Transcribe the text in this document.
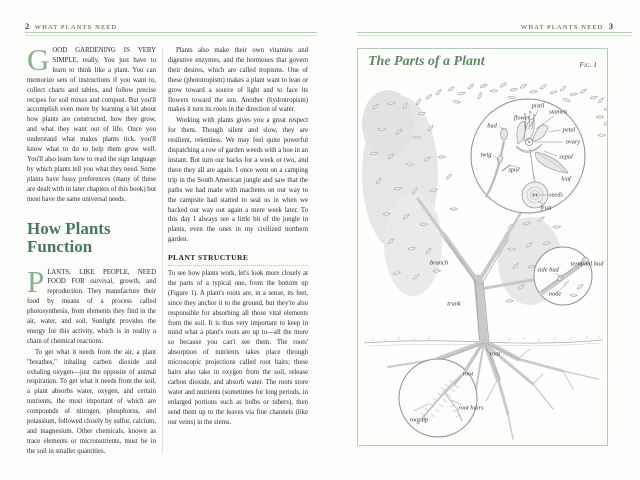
2 WHAT PLANTS NEED	WHAT PLANTS NEED 3

GOOD GARDENING IS VERY SIMPLE, really. You just have to learn to think like a plant. You can memorize sets of instructions if you want to, collect charts and tables, and follow precise recipes for soil mixes and compost. But you'll accomplish even more by learning a bit about how plants are constructed, how they grow, and what they want out of life. Once you understand what makes plants tick, you'll know what to do to help them grow well. You'll also learn how to read the sign language by which plants tell you what they need. Some plants have fussy preferences (many of these are dealt with in later chapters of this book) but most have the same universal needs.

How Plants Function

PLANTS, LIKE PEOPLE, NEED FOOD FOR survival, growth, and reproduction. They manufacture their food by means of a process called photosynthesis, from elements they find in the air, water, and soil. Sunlight provides the energy for this activity, which is in reality a chain of chemical reactions.

To get what it needs from the air, a plant "breathes," inhaling carbon dioxide and exhaling oxygen—just the opposite of animal respiration. To get what it needs from the soil, a plant absorbs water, oxygen, and certain nutrients, the most important of which are compounds of nitrogen, phosphorus, and potassium, followed closely by sulfur, calcium, and magnesium. Other chemicals, known as trace elements or micronutrients, must be in the soil in smaller quantities.

Plants also make their own vitamins and digestive enzymes, and the hormones that govern their desires, which are called tropisms. One of these (phototropism) makes a plant want to lean or grow toward a source of light and to face its flowers toward the sun. Another (hydrotropism) makes it turn its roots in the direction of water.

Working with plants gives you a great respect for them. Though silent and slow, they are resilient, relentless. We may feel quite powerful dispatching a row of garden weeds with a hoe in an instant. But turn our backs for a week or two, and there they all are again. I once went on a camping trip in the South American jungle and saw that the paths we had made with machetes on our way to the campsite had started to seal us in when we hacked our way out again a mere week later. To this day I always see a little bit of the jungle in plants, even the ones in my civilized northern garden.

PLANT STRUCTURE

To see how plants work, let's look more closely at the parts of a typical one, from the bottom up (Figure 1). A plant's roots are, in a sense, its feet, since they anchor it to the ground, but they're also responsible for absorbing all those vital elements from the soil. It is thus very important to keep in mind what a plant's roots are up to—all the more so because you can't see them. The roots' absorption of nutrients takes place through microscopic projections called root hairs; these hairs also take in oxygen from the soil, release carbon dioxide, and absorb water. The roots store water and nutrients (sometimes for long periods, in enlarged portions such as bulbs or tubers), then send them up to the leaves via fine channels (like our veins) in the stems.

The Parts of a Plant	Fig. 1
pistil
stamen
flower
bud
petal
ovary
twig	sepal
spur
leaf
seeds
fruit
branch	terminal bud
side bud
node
trunk
root
root
root hairs
root tip
